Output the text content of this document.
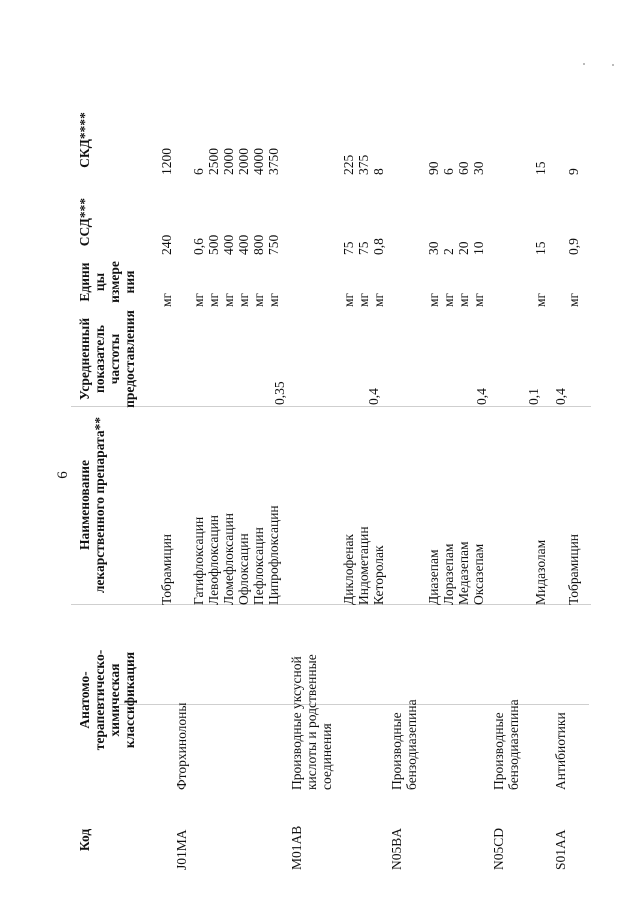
6
Код
Анатомо- терапевтическо- химическая классификация
Наименование лекарственного препарата**
Усредненный показатель частоты предоставления
Едини цы измере ния
ССД***
СКД****
Тобрамицин
мг
240
1200
J01MA
Фторхинолоны
Гатифлоксацин Левофлоксацин Ломефлоксацин Офлоксацин Пефлоксацин Ципрофлоксацин
0,35
мг мг мг мг мг мг
0,6 500 400 400 800 750
6 2500 2000 2000 4000 3750
M01AB
Производные уксусной кислоты и родственные соединения
Диклофенак Индометацин Кеторолак
0,4
мг мг мг
75 75 0,8
225 375 8
N05BA
Производные бензодиазепина
Диазепам Лоразепам Медазепам Оксазепам
0,4
мг мг мг мг
30 2 20 10
90 6 60 30
N05CD
Производные бензодиазепина
Мидазолам
0,1
мг
15
15
S01AA
Антибиотики
Тобрамицин
0,4
мг
0,9
9
